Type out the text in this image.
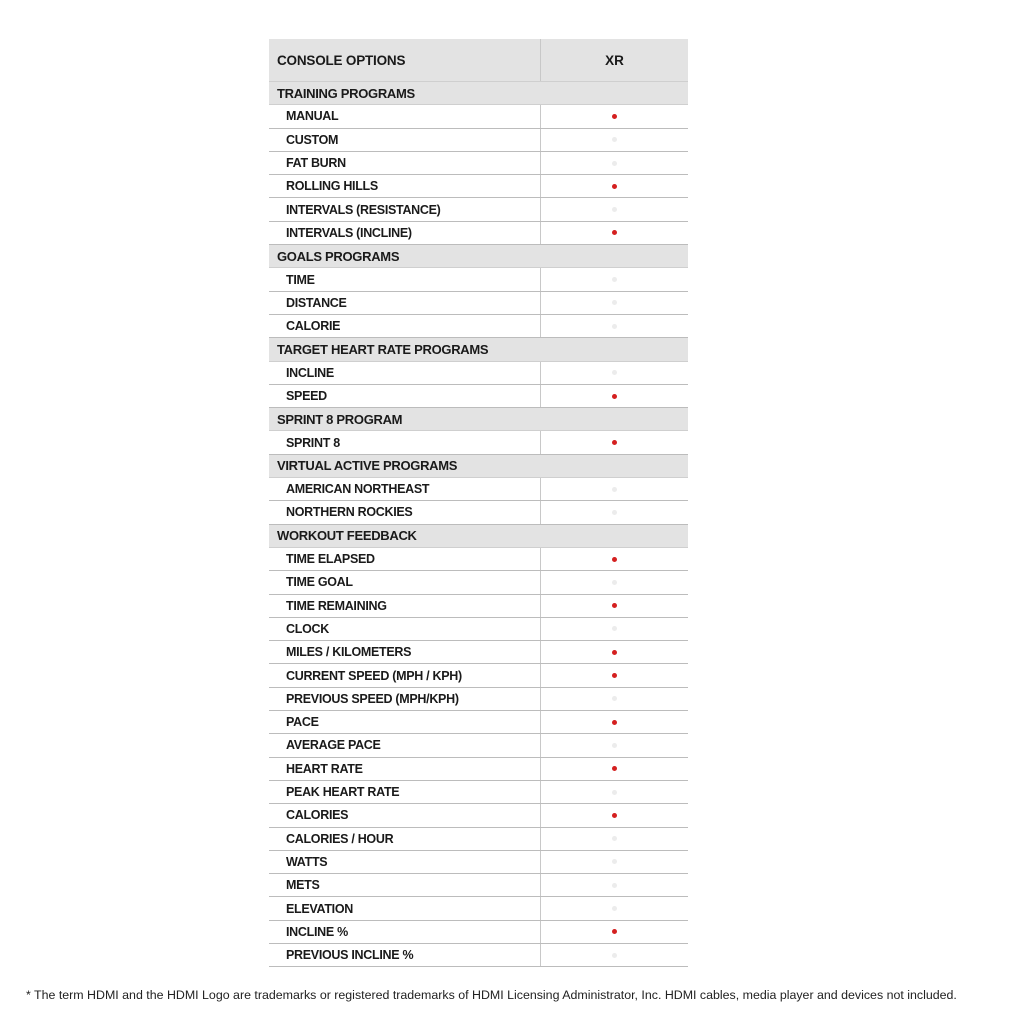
CONSOLE OPTIONS	XR
TRAINING PROGRAMS
MANUAL
CUSTOM
FAT BURN
ROLLING HILLS
INTERVALS (RESISTANCE)
INTERVALS (INCLINE)
GOALS PROGRAMS
TIME
DISTANCE
CALORIE
TARGET HEART RATE PROGRAMS
INCLINE
SPEED
SPRINT 8 PROGRAM
SPRINT 8
VIRTUAL ACTIVE PROGRAMS
AMERICAN NORTHEAST
NORTHERN ROCKIES
WORKOUT FEEDBACK
TIME ELAPSED
TIME GOAL
TIME REMAINING
CLOCK
MILES / KILOMETERS
CURRENT SPEED (MPH / KPH)
PREVIOUS SPEED (MPH/KPH)
PACE
AVERAGE PACE
HEART RATE
PEAK HEART RATE
CALORIES
CALORIES / HOUR
WATTS
METS
ELEVATION
INCLINE %
PREVIOUS INCLINE %
* The term HDMI and the HDMI Logo are trademarks or registered trademarks of HDMI Licensing Administrator, Inc. HDMI cables, media player and devices not included.
